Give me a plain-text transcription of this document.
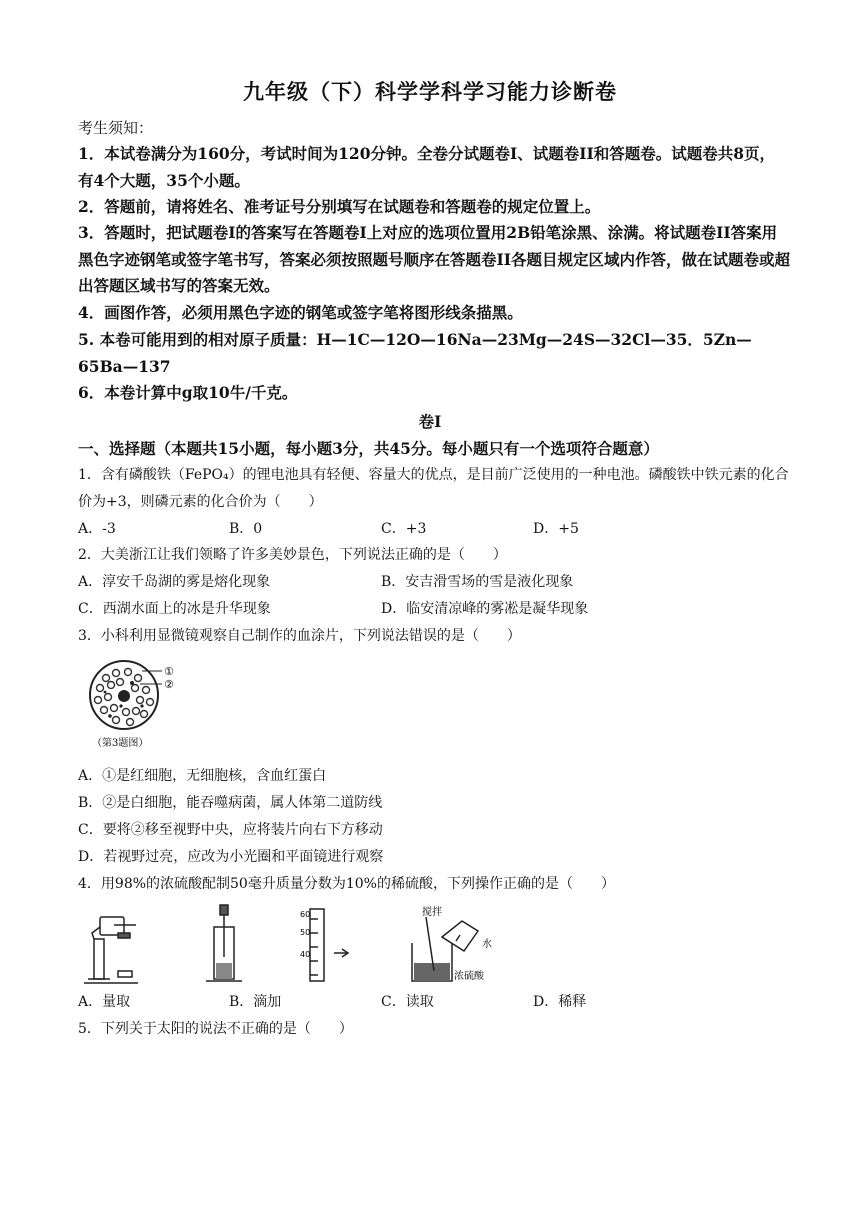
九年级（下）科学学科学习能力诊断卷
考生须知：
1．本试卷满分为160分，考试时间为120分钟。全卷分试题卷I、试题卷II和答题卷。试题卷共8页，有4个大题，35个小题。
2．答题前，请将姓名、准考证号分别填写在试题卷和答题卷的规定位置上。
3．答题时，把试题卷I的答案写在答题卷I上对应的选项位置用2B铅笔涂黑、涂满。将试题卷II答案用黑色字迹钢笔或签字笔书写，答案必须按照题号顺序在答题卷II各题目规定区域内作答，做在试题卷或超出答题区域书写的答案无效。
4．画图作答，必须用黑色字迹的钢笔或签字笔将图形线条描黑。
5. 本卷可能用到的相对原子质量：H—1C—12O—16Na—23Mg—24S—32Cl—35．5Zn—65Ba—137
6．本卷计算中g取10牛/千克。
卷I
一、选择题（本题共15小题，每小题3分，共45分。每小题只有一个选项符合题意）
1．含有磷酸铁（FePO₄）的锂电池具有轻便、容量大的优点，是目前广泛使用的一种电池。磷酸铁中铁元素的化合价为+3，则磷元素的化合价为（　　）
A．-3	B．0	C．+3	D．+5
2．大美浙江让我们领略了许多美妙景色，下列说法正确的是（　　）
A．淳安千岛湖的雾是熔化现象	B．安吉滑雪场的雪是液化现象
C．西湖水面上的冰是升华现象	D．临安清凉峰的雾凇是凝华现象
3．小科利用显微镜观察自己制作的血涂片，下列说法错误的是（　　）
①
②
（第3题图）
A．①是红细胞，无细胞核，含血红蛋白
B．②是白细胞，能吞噬病菌，属人体第二道防线
C．要将②移至视野中央，应将装片向右下方移动
D．若视野过亮，应改为小光圈和平面镜进行观察
4．用98%的浓硫酸配制50毫升质量分数为10%的稀硫酸，下列操作正确的是（　　）
60
50
40
搅拌
水
浓硫酸
A．量取	B．滴加	C．读取	D．稀释
5．下列关于太阳的说法不正确的是（　　）
